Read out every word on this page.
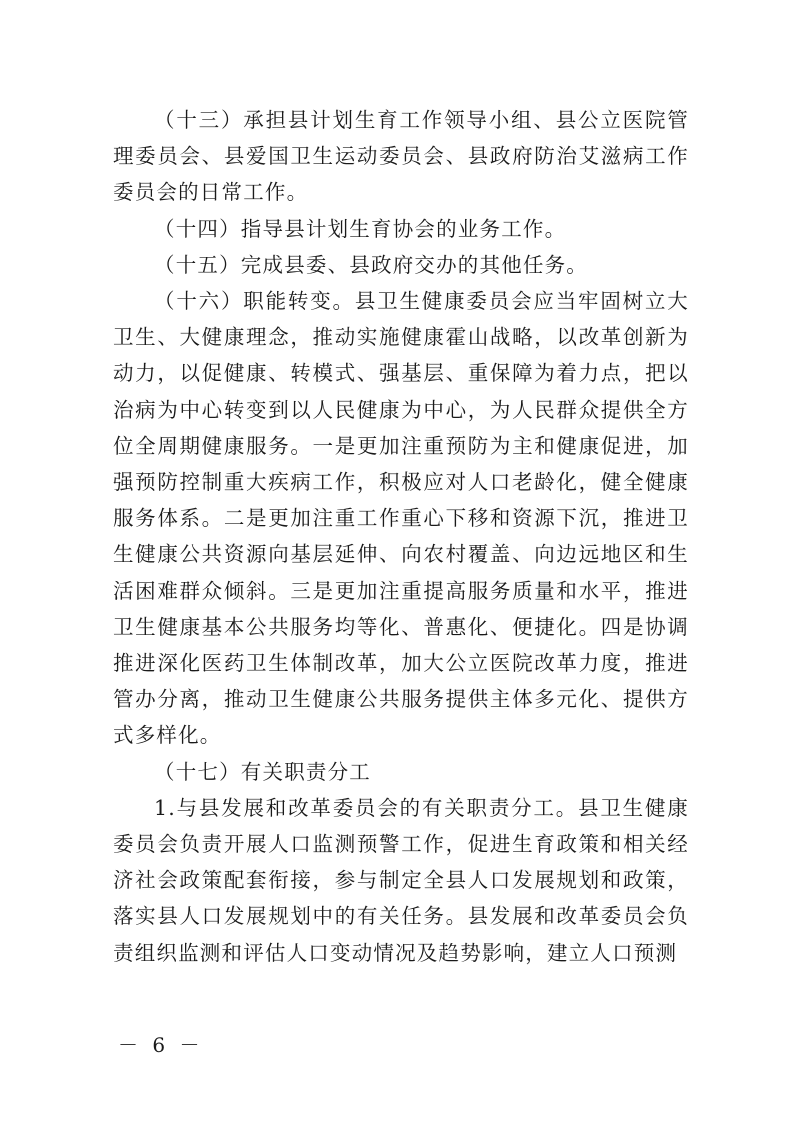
（十三）承担县计划生育工作领导小组、县公立医院管理委员会、县爱国卫生运动委员会、县政府防治艾滋病工作委员会的日常工作。

（十四）指导县计划生育协会的业务工作。

（十五）完成县委、县政府交办的其他任务。

（十六）职能转变。县卫生健康委员会应当牢固树立大卫生、大健康理念，推动实施健康霍山战略，以改革创新为动力，以促健康、转模式、强基层、重保障为着力点，把以治病为中心转变到以人民健康为中心，为人民群众提供全方位全周期健康服务。一是更加注重预防为主和健康促进，加强预防控制重大疾病工作，积极应对人口老龄化，健全健康服务体系。二是更加注重工作重心下移和资源下沉，推进卫生健康公共资源向基层延伸、向农村覆盖、向边远地区和生活困难群众倾斜。三是更加注重提高服务质量和水平，推进卫生健康基本公共服务均等化、普惠化、便捷化。四是协调推进深化医药卫生体制改革，加大公立医院改革力度，推进管办分离，推动卫生健康公共服务提供主体多元化、提供方式多样化。

（十七）有关职责分工

1.与县发展和改革委员会的有关职责分工。县卫生健康委员会负责开展人口监测预警工作，促进生育政策和相关经济社会政策配套衔接，参与制定全县人口发展规划和政策，落实县人口发展规划中的有关任务。县发展和改革委员会负责组织监测和评估人口变动情况及趋势影响，建立人口预测

－ 6 －
